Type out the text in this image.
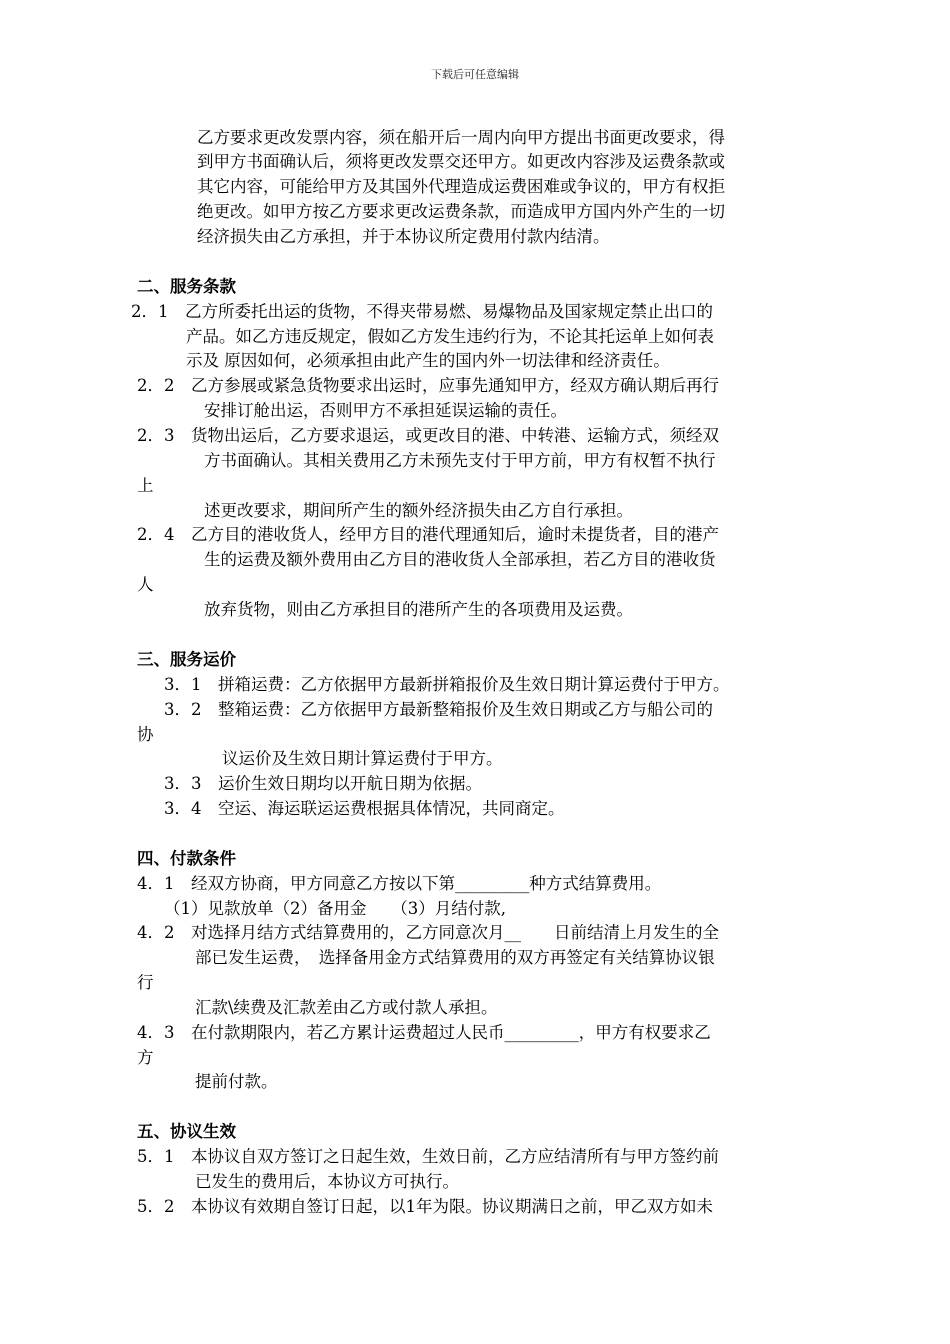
下载后可任意编辑
乙方要求更改发票内容，须在船开后一周内向甲方提出书面更改要求，得
到甲方书面确认后，须将更改发票交还甲方。如更改内容涉及运费条款或
其它内容，可能给甲方及其国外代理造成运费困难或争议的，甲方有权拒
绝更改。如甲方按乙方要求更改运费条款，而造成甲方国内外产生的一切
经济损失由乙方承担，并于本协议所定费用付款内结清。
二、服务条款
2．1　乙方所委托出运的货物，不得夹带易燃、易爆物品及国家规定禁止出口的
产品。如乙方违反规定，假如乙方发生违约行为，不论其托运单上如何表
示及 原因如何，必须承担由此产生的国内外一切法律和经济责任。
2．2　乙方参展或紧急货物要求出运时，应事先通知甲方，经双方确认期后再行
安排订舱出运，否则甲方不承担延误运输的责任。
2．3　货物出运后，乙方要求退运，或更改目的港、中转港、运输方式，须经双
方书面确认。其相关费用乙方未预先支付于甲方前，甲方有权暂不执行
上
述更改要求，期间所产生的额外经济损失由乙方自行承担。
2．4　乙方目的港收货人，经甲方目的港代理通知后，逾时未提货者，目的港产
生的运费及额外费用由乙方目的港收货人全部承担，若乙方目的港收货
人
放弃货物，则由乙方承担目的港所产生的各项费用及运费。
三、服务运价
3．1　拼箱运费：乙方依据甲方最新拼箱报价及生效日期计算运费付于甲方。
3．2　整箱运费：乙方依据甲方最新整箱报价及生效日期或乙方与船公司的
协
议运价及生效日期计算运费付于甲方。
3．3　运价生效日期均以开航日期为依据。
3．4　空运、海运联运运费根据具体情况，共同商定。
四、付款条件
4．1　经双方协商，甲方同意乙方按以下第_________种方式结算费用。
（1）见款放单（2）备用金　　（3）月结付款,
4．2　对选择月结方式结算费用的，乙方同意次月__　　日前结清上月发生的全
部已发生运费，　选择备用金方式结算费用的双方再签定有关结算协议银
行
汇款\续费及汇款差由乙方或付款人承担。
4．3　在付款期限内，若乙方累计运费超过人民币_________，甲方有权要求乙
方
提前付款。
五、协议生效
5．1　本协议自双方签订之日起生效，生效日前，乙方应结清所有与甲方签约前
已发生的费用后，本协议方可执行。
5．2　本协议有效期自签订日起，以1年为限。协议期满日之前，甲乙双方如未
